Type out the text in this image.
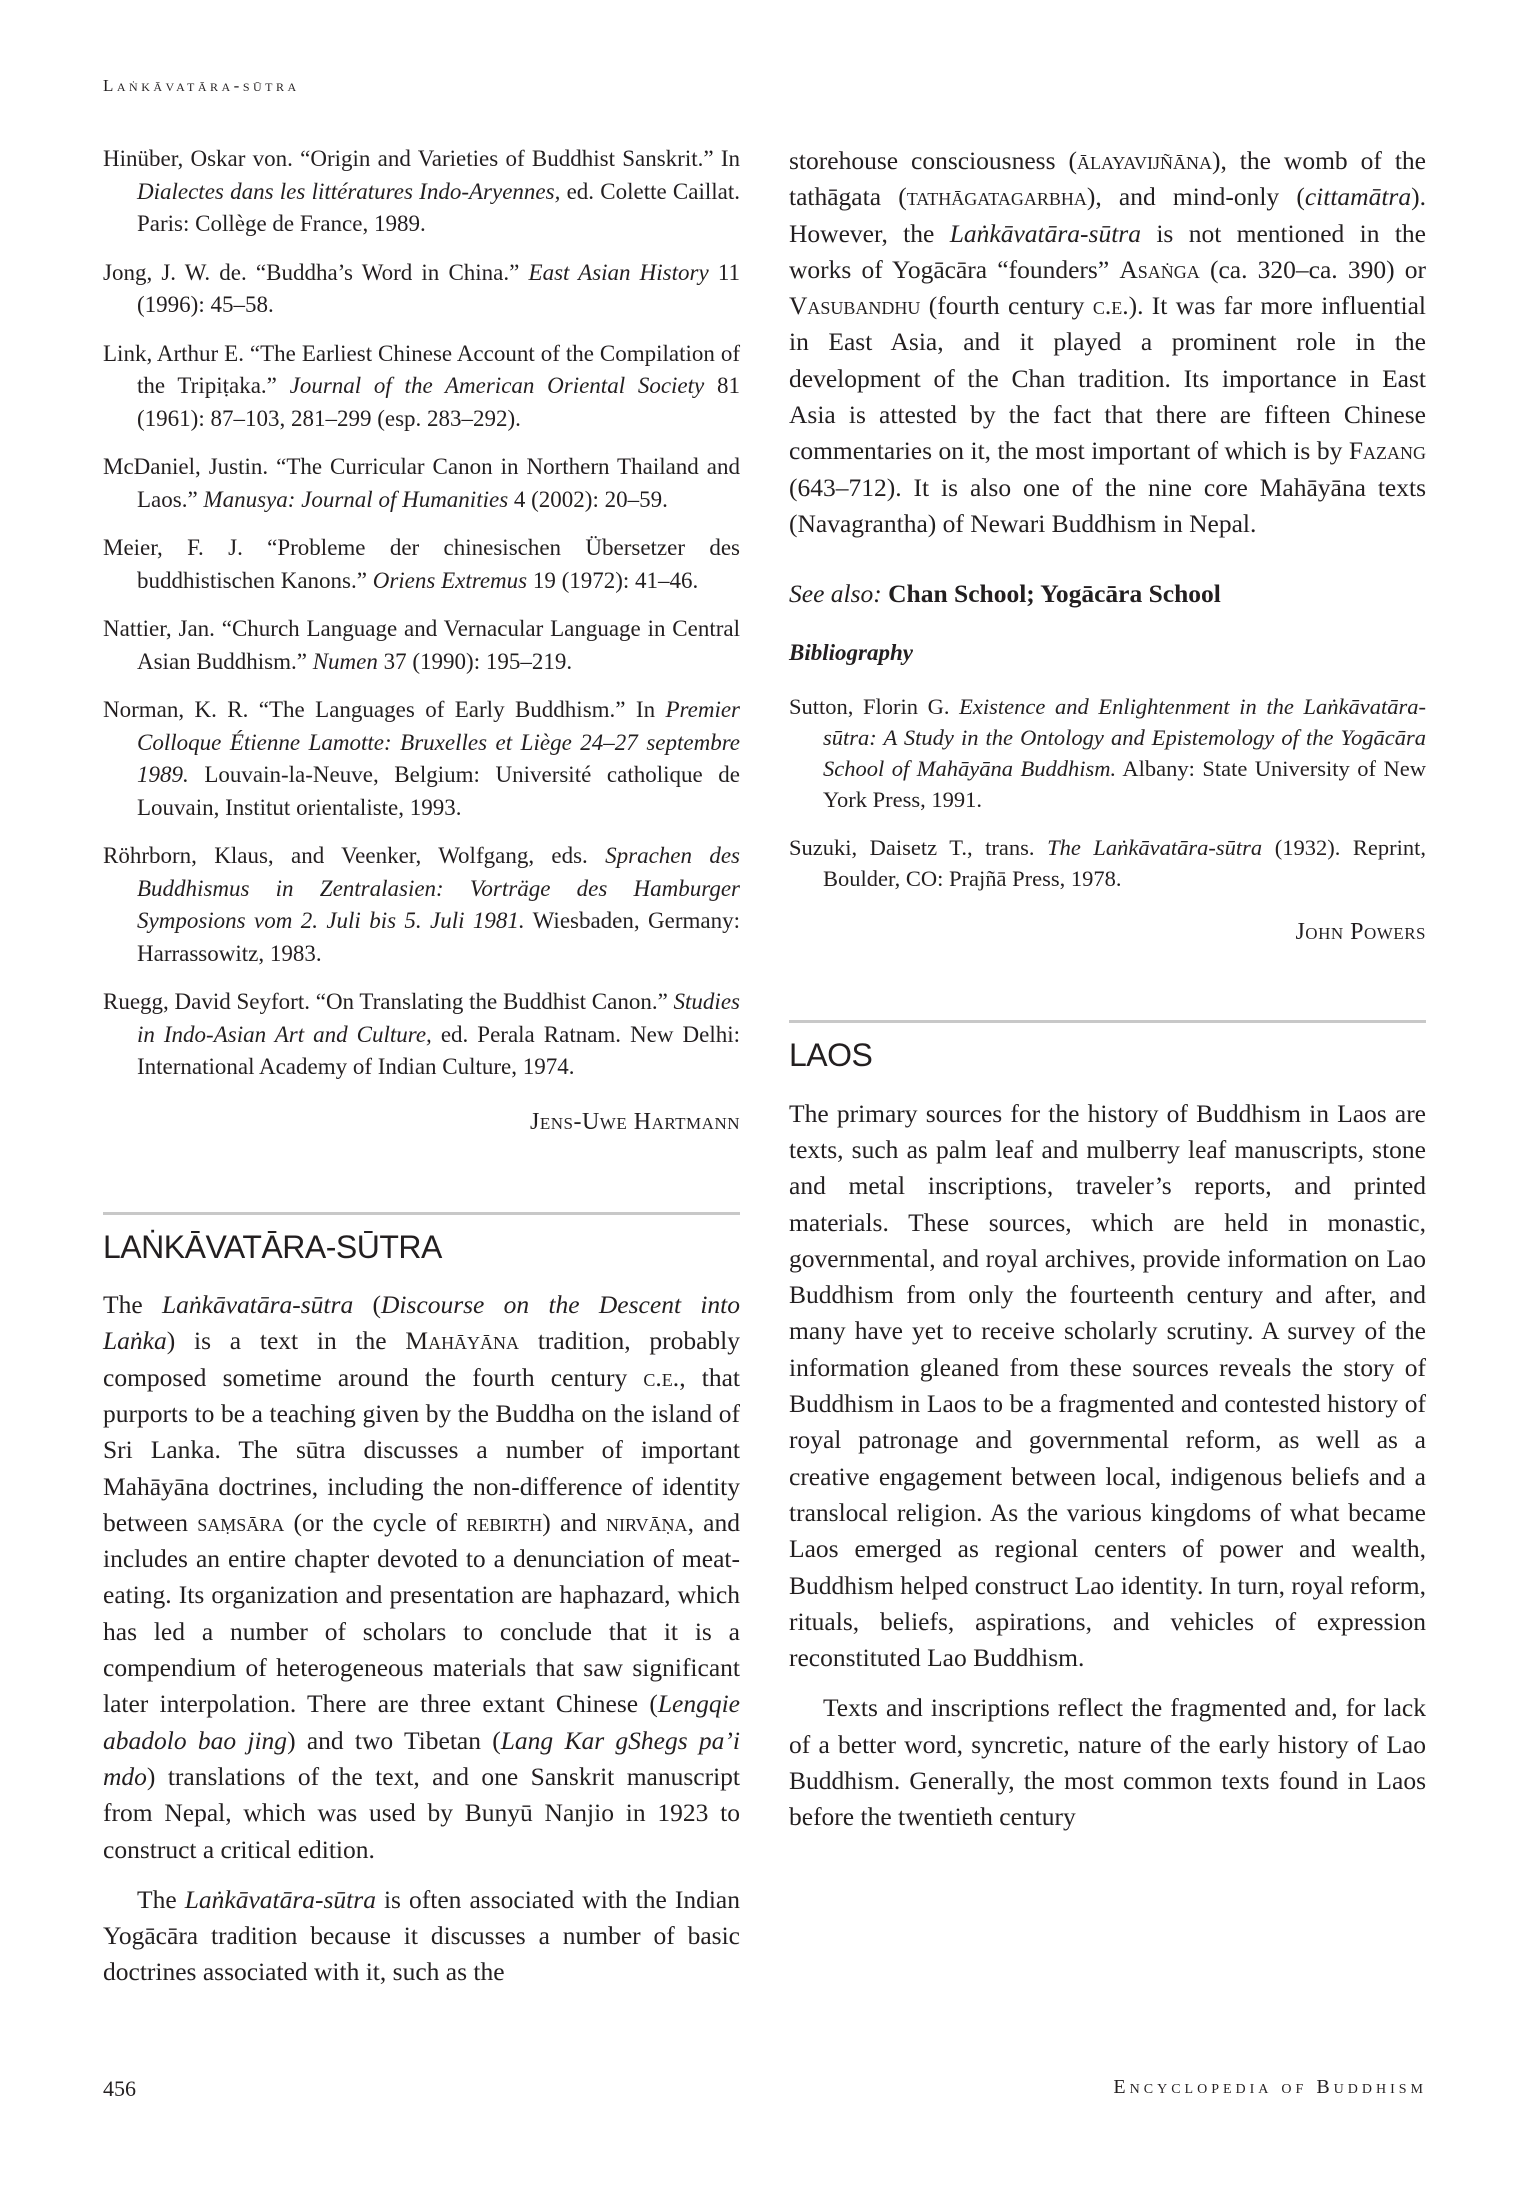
Laṅkāvatāra-sūtra

Hinüber, Oskar von. “Origin and Varieties of Buddhist Sanskrit.” In Dialectes dans les littératures Indo-Aryennes, ed. Colette Caillat. Paris: Collège de France, 1989.

Jong, J. W. de. “Buddha’s Word in China.” East Asian History 11 (1996): 45–58.

Link, Arthur E. “The Earliest Chinese Account of the Compilation of the Tripiṭaka.” Journal of the American Oriental Society 81 (1961): 87–103, 281–299 (esp. 283–292).

McDaniel, Justin. “The Curricular Canon in Northern Thailand and Laos.” Manusya: Journal of Humanities 4 (2002): 20–59.

Meier, F. J. “Probleme der chinesischen Übersetzer des buddhistischen Kanons.” Oriens Extremus 19 (1972): 41–46.

Nattier, Jan. “Church Language and Vernacular Language in Central Asian Buddhism.” Numen 37 (1990): 195–219.

Norman, K. R. “The Languages of Early Buddhism.” In Premier Colloque Étienne Lamotte: Bruxelles et Liège 24–27 septembre 1989. Louvain-la-Neuve, Belgium: Université catholique de Louvain, Institut orientaliste, 1993.

Röhrborn, Klaus, and Veenker, Wolfgang, eds. Sprachen des Buddhismus in Zentralasien: Vorträge des Hamburger Symposions vom 2. Juli bis 5. Juli 1981. Wiesbaden, Germany: Harrassowitz, 1983.

Ruegg, David Seyfort. “On Translating the Buddhist Canon.” Studies in Indo-Asian Art and Culture, ed. Perala Ratnam. New Delhi: International Academy of Indian Culture, 1974.

Jens-Uwe Hartmann
LAṄKĀVATĀRA-SŪTRA

The Laṅkāvatāra-sūtra (Discourse on the Descent into Laṅka) is a text in the Mahāyāna tradition, probably composed sometime around the fourth century c.e., that purports to be a teaching given by the Buddha on the island of Sri Lanka. The sūtra discusses a number of important Mahāyāna doctrines, including the non-difference of identity between saṃsāra (or the cycle of rebirth) and nirvāṇa, and includes an entire chapter devoted to a denunciation of meat-eating. Its organization and presentation are haphazard, which has led a number of scholars to conclude that it is a compendium of heterogeneous materials that saw significant later interpolation. There are three extant Chinese (Lengqie abadolo bao jing) and two Tibetan (Lang Kar gShegs pa’i mdo) translations of the text, and one Sanskrit manuscript from Nepal, which was used by Bunyū Nanjio in 1923 to construct a critical edition.

The Laṅkāvatāra-sūtra is often associated with the Indian Yogācāra tradition because it discusses a number of basic doctrines associated with it, such as the

storehouse consciousness (ālayavijñāna), the womb of the tathāgata (tathāgatagarbha), and mind-only (cittamātra). However, the Laṅkāvatāra-sūtra is not mentioned in the works of Yogācāra “founders” Asaṅga (ca. 320–ca. 390) or Vasubandhu (fourth century c.e.). It was far more influential in East Asia, and it played a prominent role in the development of the Chan tradition. Its importance in East Asia is attested by the fact that there are fifteen Chinese commentaries on it, the most important of which is by Fazang (643–712). It is also one of the nine core Mahāyāna texts (Navagrantha) of Newari Buddhism in Nepal.

See also: Chan School; Yogācāra School
Bibliography

Sutton, Florin G. Existence and Enlightenment in the Laṅkāvatāra-sūtra: A Study in the Ontology and Epistemology of the Yogācāra School of Mahāyāna Buddhism. Albany: State University of New York Press, 1991.

Suzuki, Daisetz T., trans. The Laṅkāvatāra-sūtra (1932). Reprint, Boulder, CO: Prajñā Press, 1978.

John Powers
LAOS

The primary sources for the history of Buddhism in Laos are texts, such as palm leaf and mulberry leaf manuscripts, stone and metal inscriptions, traveler’s reports, and printed materials. These sources, which are held in monastic, governmental, and royal archives, provide information on Lao Buddhism from only the fourteenth century and after, and many have yet to receive scholarly scrutiny. A survey of the information gleaned from these sources reveals the story of Buddhism in Laos to be a fragmented and contested history of royal patronage and governmental reform, as well as a creative engagement between local, indigenous beliefs and a translocal religion. As the various kingdoms of what became Laos emerged as regional centers of power and wealth, Buddhism helped construct Lao identity. In turn, royal reform, rituals, beliefs, aspirations, and vehicles of expression reconstituted Lao Buddhism.

Texts and inscriptions reflect the fragmented and, for lack of a better word, syncretic, nature of the early history of Lao Buddhism. Generally, the most common texts found in Laos before the twentieth century

456	Encyclopedia of Buddhism
